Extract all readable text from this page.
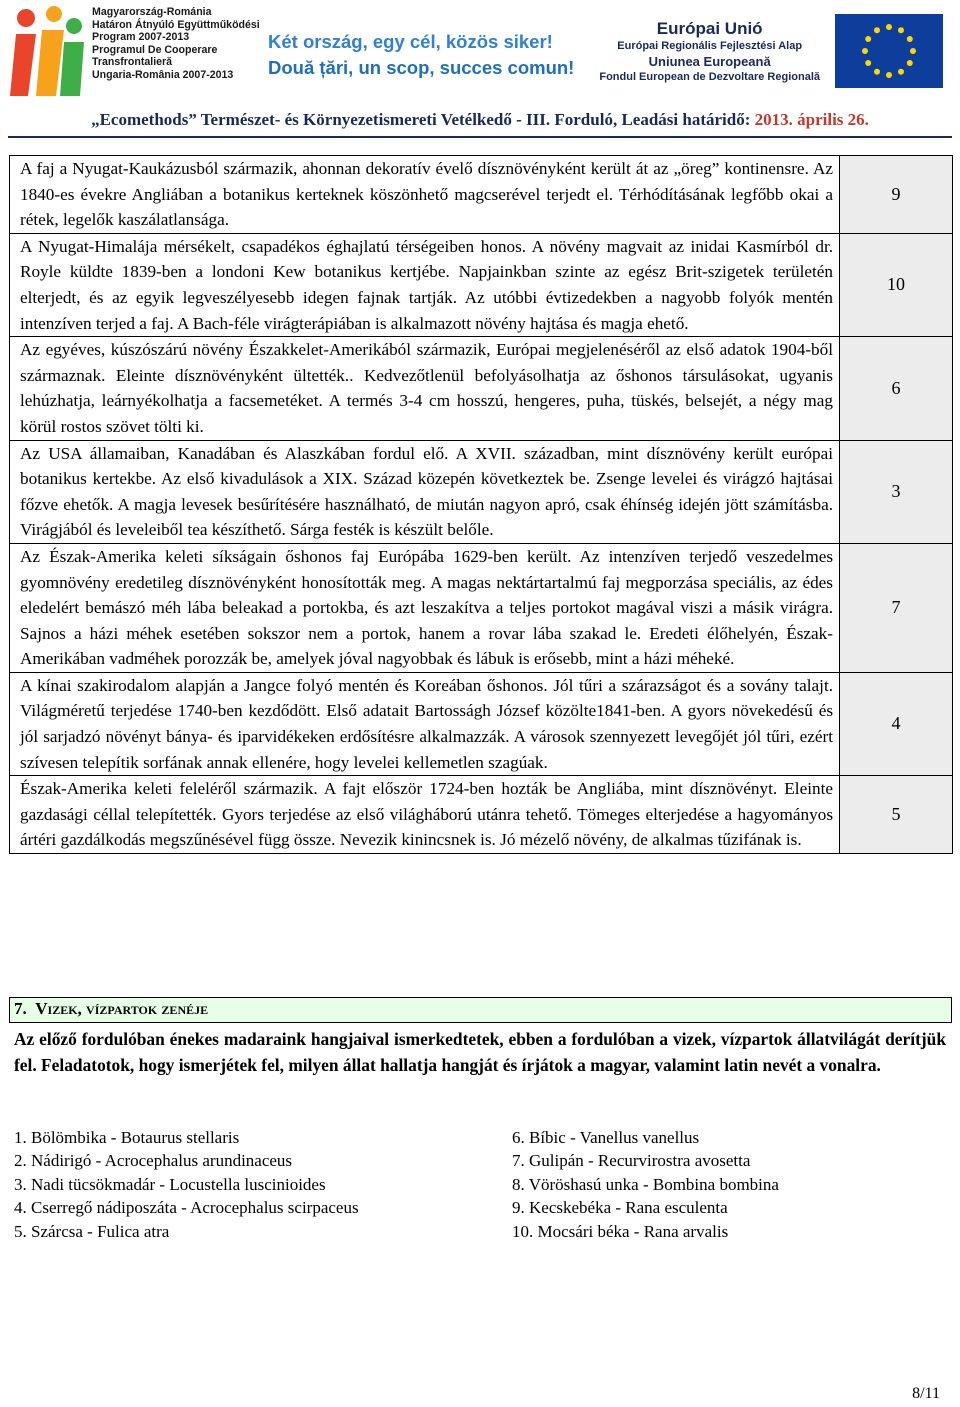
Magyarország-Románia
Határon Átnyúló Együttműködési
Program 2007-2013
Programul De Cooperare
Transfrontalieră
Ungaria-România 2007-2013
Két ország, egy cél, közös siker!
Două țări, un scop, succes comun!
Európai Unió
Európai Regionális Fejlesztési Alap
Uniunea Europeană
Fondul European de Dezvoltare Regională
„Ecomethods” Természet- és Környezetismereti Vetélkedő - III. Forduló, Leadási határidő: 2013. április 26.
A faj a Nyugat-Kaukázusból származik, ahonnan dekoratív évelő dísznövényként került át az „öreg” kontinensre. Az 1840-es évekre Angliában a botanikus kerteknek köszönhető magcserével terjedt el. Térhódításának legfőbb okai a rétek, legelők kaszálatlansága.	9
A Nyugat-Himalája mérsékelt, csapadékos éghajlatú térségeiben honos. A növény magvait az inidai Kasmírból dr. Royle küldte 1839-ben a londoni Kew botanikus kertjébe. Napjainkban szinte az egész Brit-szigetek területén elterjedt, és az egyik legveszélyesebb idegen fajnak tartják. Az utóbbi évtizedekben a nagyobb folyók mentén intenzíven terjed a faj. A Bach-féle virágterápiában is alkalmazott növény hajtása és magja ehető.	10
Az egyéves, kúszószárú növény Északkelet-Amerikából származik, Európai megjelenéséről az első adatok 1904-ből származnak. Eleinte dísznövényként ültették.. Kedvezőtlenül befolyásolhatja az őshonos társulásokat, ugyanis lehúzhatja, leárnyékolhatja a facsemetéket. A termés 3-4 cm hosszú, hengeres, puha, tüskés, belsejét, a négy mag körül rostos szövet tölti ki.	6
Az USA államaiban, Kanadában és Alaszkában fordul elő. A XVII. században, mint dísznövény került európai botanikus kertekbe. Az első kivadulások a XIX. Század közepén következtek be. Zsenge levelei és virágzó hajtásai főzve ehetők. A magja levesek besűrítésére használható, de miután nagyon apró, csak éhínség idején jött számításba. Virágjából és leveleiből tea készíthető. Sárga festék is készült belőle.	3
Az Észak-Amerika keleti síkságain őshonos faj Európába 1629-ben került. Az intenzíven terjedő veszedelmes gyomnövény eredetileg dísznövényként honosították meg. A magas nektártartalmú faj megporzása speciális, az édes eledelért bemászó méh lába beleakad a portokba, és azt leszakítva a teljes portokot magával viszi a másik virágra. Sajnos a házi méhek esetében sokszor nem a portok, hanem a rovar lába szakad le. Eredeti élőhelyén, Észak-Amerikában vadméhek porozzák be, amelyek jóval nagyobbak és lábuk is erősebb, mint a házi méheké.	7
A kínai szakirodalom alapján a Jangce folyó mentén és Koreában őshonos. Jól tűri a szárazságot és a sovány talajt. Világméretű terjedése 1740-ben kezdődött. Első adatait Bartosságh József közölte1841-ben. A gyors növekedésű és jól sarjadzó növényt bánya- és iparvidékeken erdősítésre alkalmazzák. A városok szennyezett levegőjét jól tűri, ezért szívesen telepítik sorfának annak ellenére, hogy levelei kellemetlen szagúak.	4
Észak-Amerika keleti feleléről származik. A fajt először 1724-ben hozták be Angliába, mint dísznövényt. Eleinte gazdasági céllal telepítették. Gyors terjedése az első világháború utánra tehető. Tömeges elterjedése a hagyományos ártéri gazdálkodás megszűnésével függ össze. Nevezik kinincsnek is. Jó mézelő növény, de alkalmas tűzifának is.	5
7. Vizek, vízpartok zenéje
Az előző fordulóban énekes madaraink hangjaival ismerkedtetek, ebben a fordulóban a vizek, vízpartok állatvilágát derítjük fel. Feladatotok, hogy ismerjétek fel, milyen állat hallatja hangját és írjátok a magyar, valamint latin nevét a vonalra.
1. Bölömbika - Botaurus stellaris
2. Nádirigó - Acrocephalus arundinaceus
3. Nadi tücsökmadár - Locustella luscinioides
4. Cserregő nádiposzáta - Acrocephalus scirpaceus
5. Szárcsa - Fulica atra
6. Bíbic - Vanellus vanellus
7. Gulipán - Recurvirostra avosetta
8. Vöröshasú unka - Bombina bombina
9. Kecskebéka - Rana esculenta
10. Mocsári béka - Rana arvalis
8/11
